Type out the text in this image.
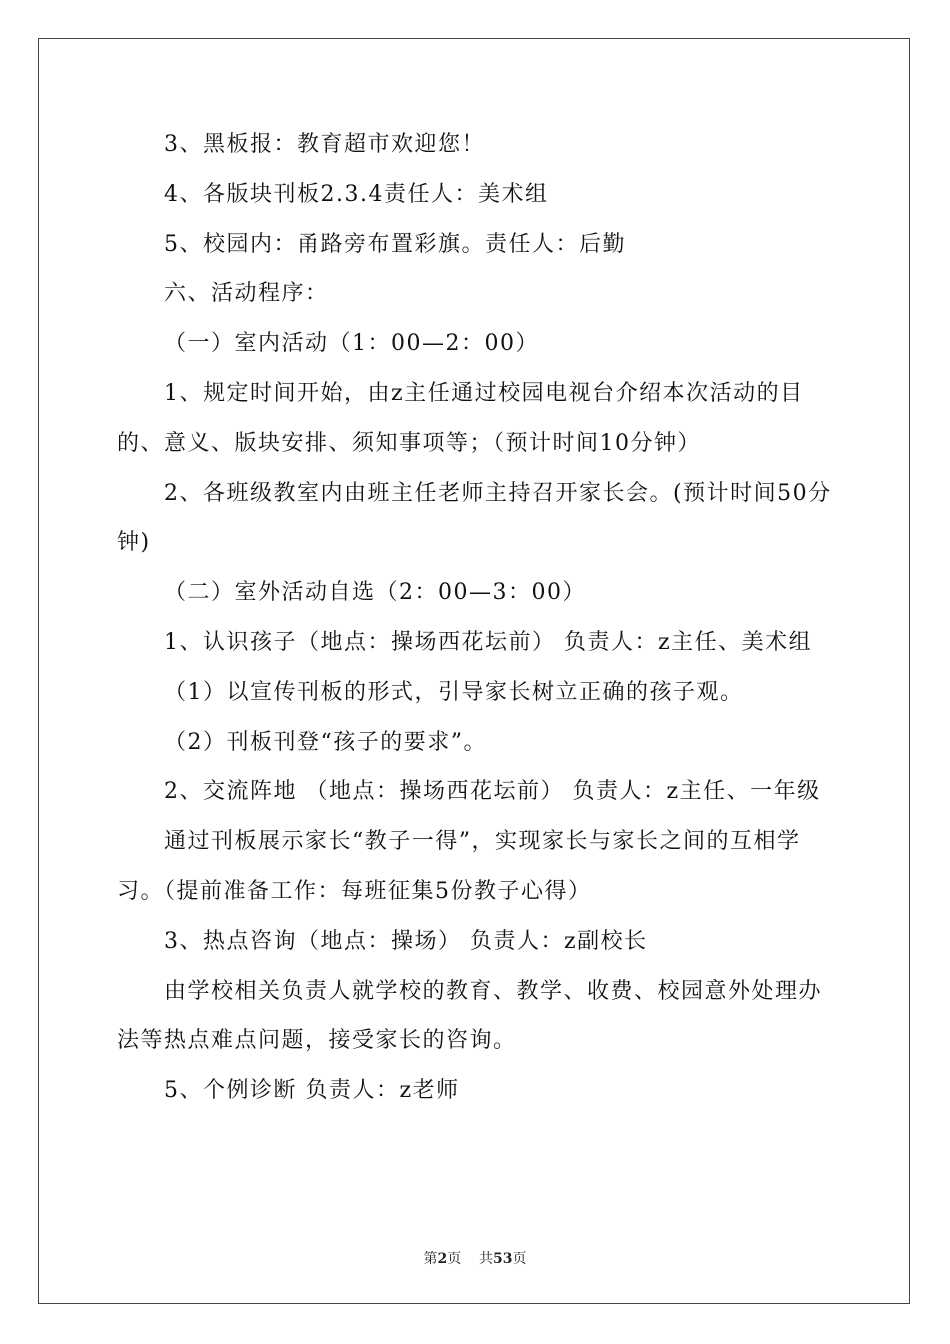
3、黑板报：教育超市欢迎您！

4、各版块刊板2.3.4责任人：美术组

5、校园内：甬路旁布置彩旗。责任人：后勤

六、活动程序：

（一）室内活动（1：00—2：00）

1、规定时间开始，由z主任通过校园电视台介绍本次活动的目的、意义、版块安排、须知事项等；（预计时间10分钟）

2、各班级教室内由班主任老师主持召开家长会。(预计时间50分钟)

（二）室外活动自选（2：00—3：00）

1、认识孩子（地点：操场西花坛前） 负责人：z主任、美术组

（1）以宣传刊板的形式，引导家长树立正确的孩子观。

（2）刊板刊登“孩子的要求”。

2、交流阵地 （地点：操场西花坛前） 负责人：z主任、一年级

通过刊板展示家长“教子一得”，实现家长与家长之间的互相学习。（提前准备工作：每班征集5份教子心得）

3、热点咨询（地点：操场） 负责人：z副校长

由学校相关负责人就学校的教育、教学、收费、校园意外处理办法等热点难点问题，接受家长的咨询。

5、个例诊断 负责人：z老师

第2页 共53页
